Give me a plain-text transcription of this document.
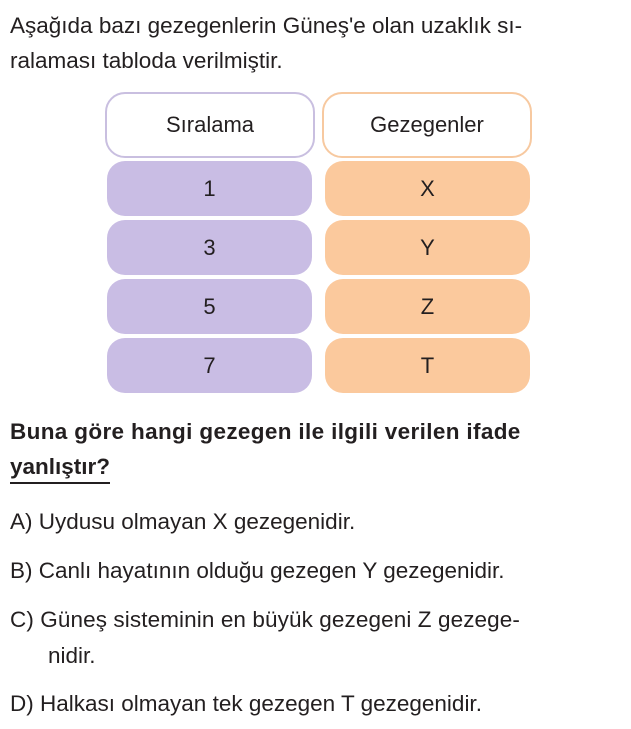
Aşağıda bazı gezegenlerin Güneş'e olan uzaklık sı-
ralaması tabloda verilmiştir.
Sıralama	Gezegenler
1	X
3	Y
5	Z
7	T
Buna göre hangi gezegen ile ilgili verilen ifade
yanlıştır?
A) Uydusu olmayan X gezegenidir.
B) Canlı hayatının olduğu gezegen Y gezegenidir.
C) Güneş sisteminin en büyük gezegeni Z gezege-
nidir.
D) Halkası olmayan tek gezegen T gezegenidir.
